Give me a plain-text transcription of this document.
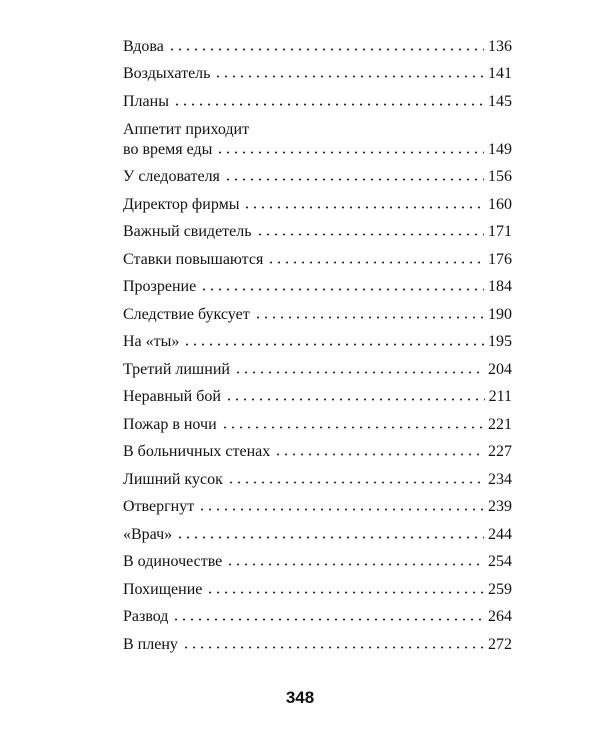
Вдова	136
Воздыхатель	141
Планы	145
Аппетит приходит
во время еды	149
У следователя	156
Директор фирмы	160
Важный свидетель	171
Ставки повышаются	176
Прозрение	184
Следствие буксует	190
На «ты»	195
Третий лишний	204
Неравный бой	211
Пожар в ночи	221
В больничных стенах	227
Лишний кусок	234
Отвергнут	239
«Врач»	244
В одиночестве	254
Похищение	259
Развод	264
В плену	272
348
